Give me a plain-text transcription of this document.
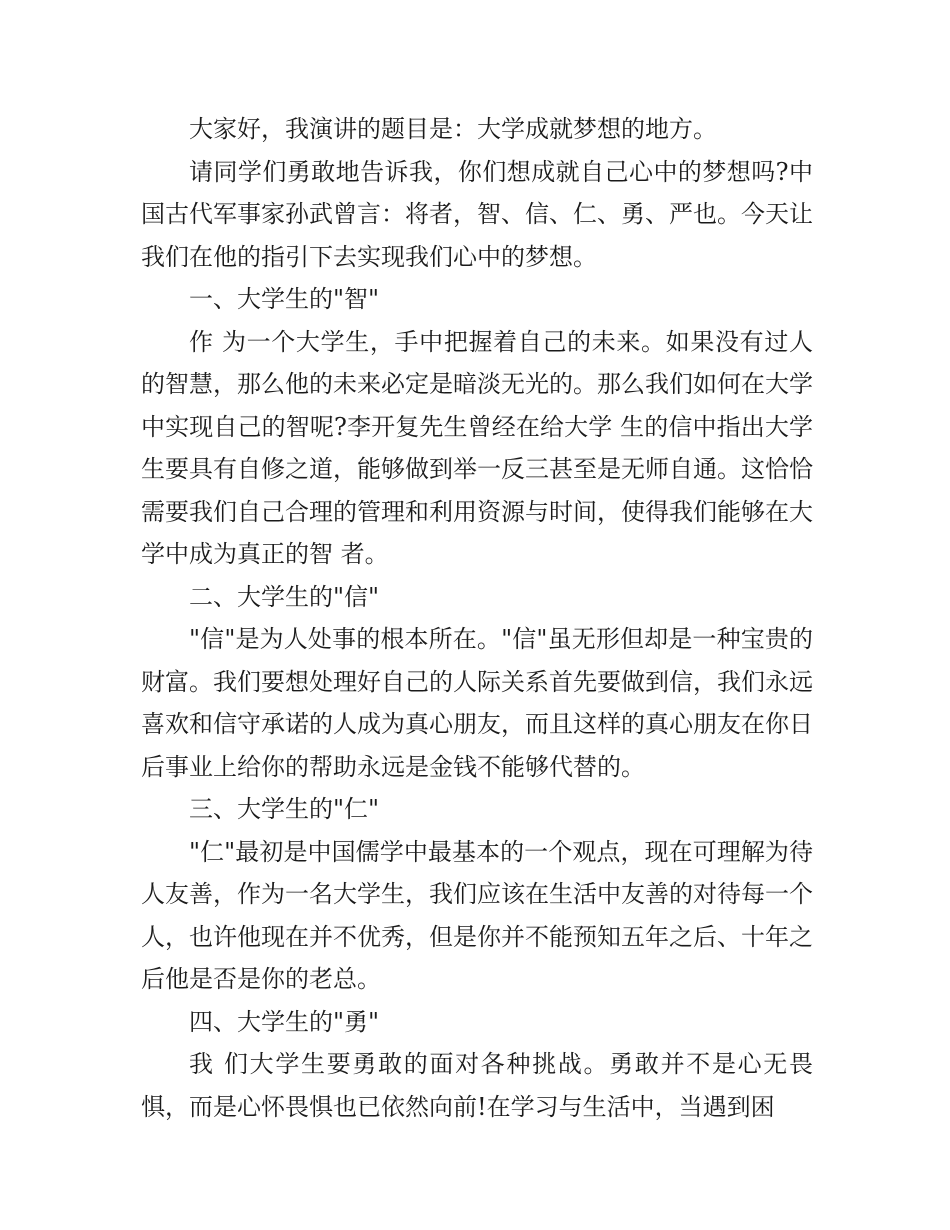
大家好，我演讲的题目是：大学成就梦想的地方。

请同学们勇敢地告诉我，你们想成就自己心中的梦想吗?中国古代军事家孙武曾言：将者，智、信、仁、勇、严也。今天让我们在他的指引下去实现我们心中的梦想。

一、大学生的"智"

作 为一个大学生，手中把握着自己的未来。如果没有过人的智慧，那么他的未来必定是暗淡无光的。那么我们如何在大学中实现自己的智呢?李开复先生曾经在给大学 生的信中指出大学生要具有自修之道，能够做到举一反三甚至是无师自通。这恰恰需要我们自己合理的管理和利用资源与时间，使得我们能够在大学中成为真正的智 者。

二、大学生的"信"

"信"是为人处事的根本所在。"信"虽无形但却是一种宝贵的财富。我们要想处理好自己的人际关系首先要做到信，我们永远喜欢和信守承诺的人成为真心朋友，而且这样的真心朋友在你日后事业上给你的帮助永远是金钱不能够代替的。

三、大学生的"仁"

"仁"最初是中国儒学中最基本的一个观点，现在可理解为待人友善，作为一名大学生，我们应该在生活中友善的对待每一个人，也许他现在并不优秀，但是你并不能预知五年之后、十年之后他是否是你的老总。

四、大学生的"勇"

我 们大学生要勇敢的面对各种挑战。勇敢并不是心无畏惧，而是心怀畏惧也已依然向前!在学习与生活中，当遇到困
